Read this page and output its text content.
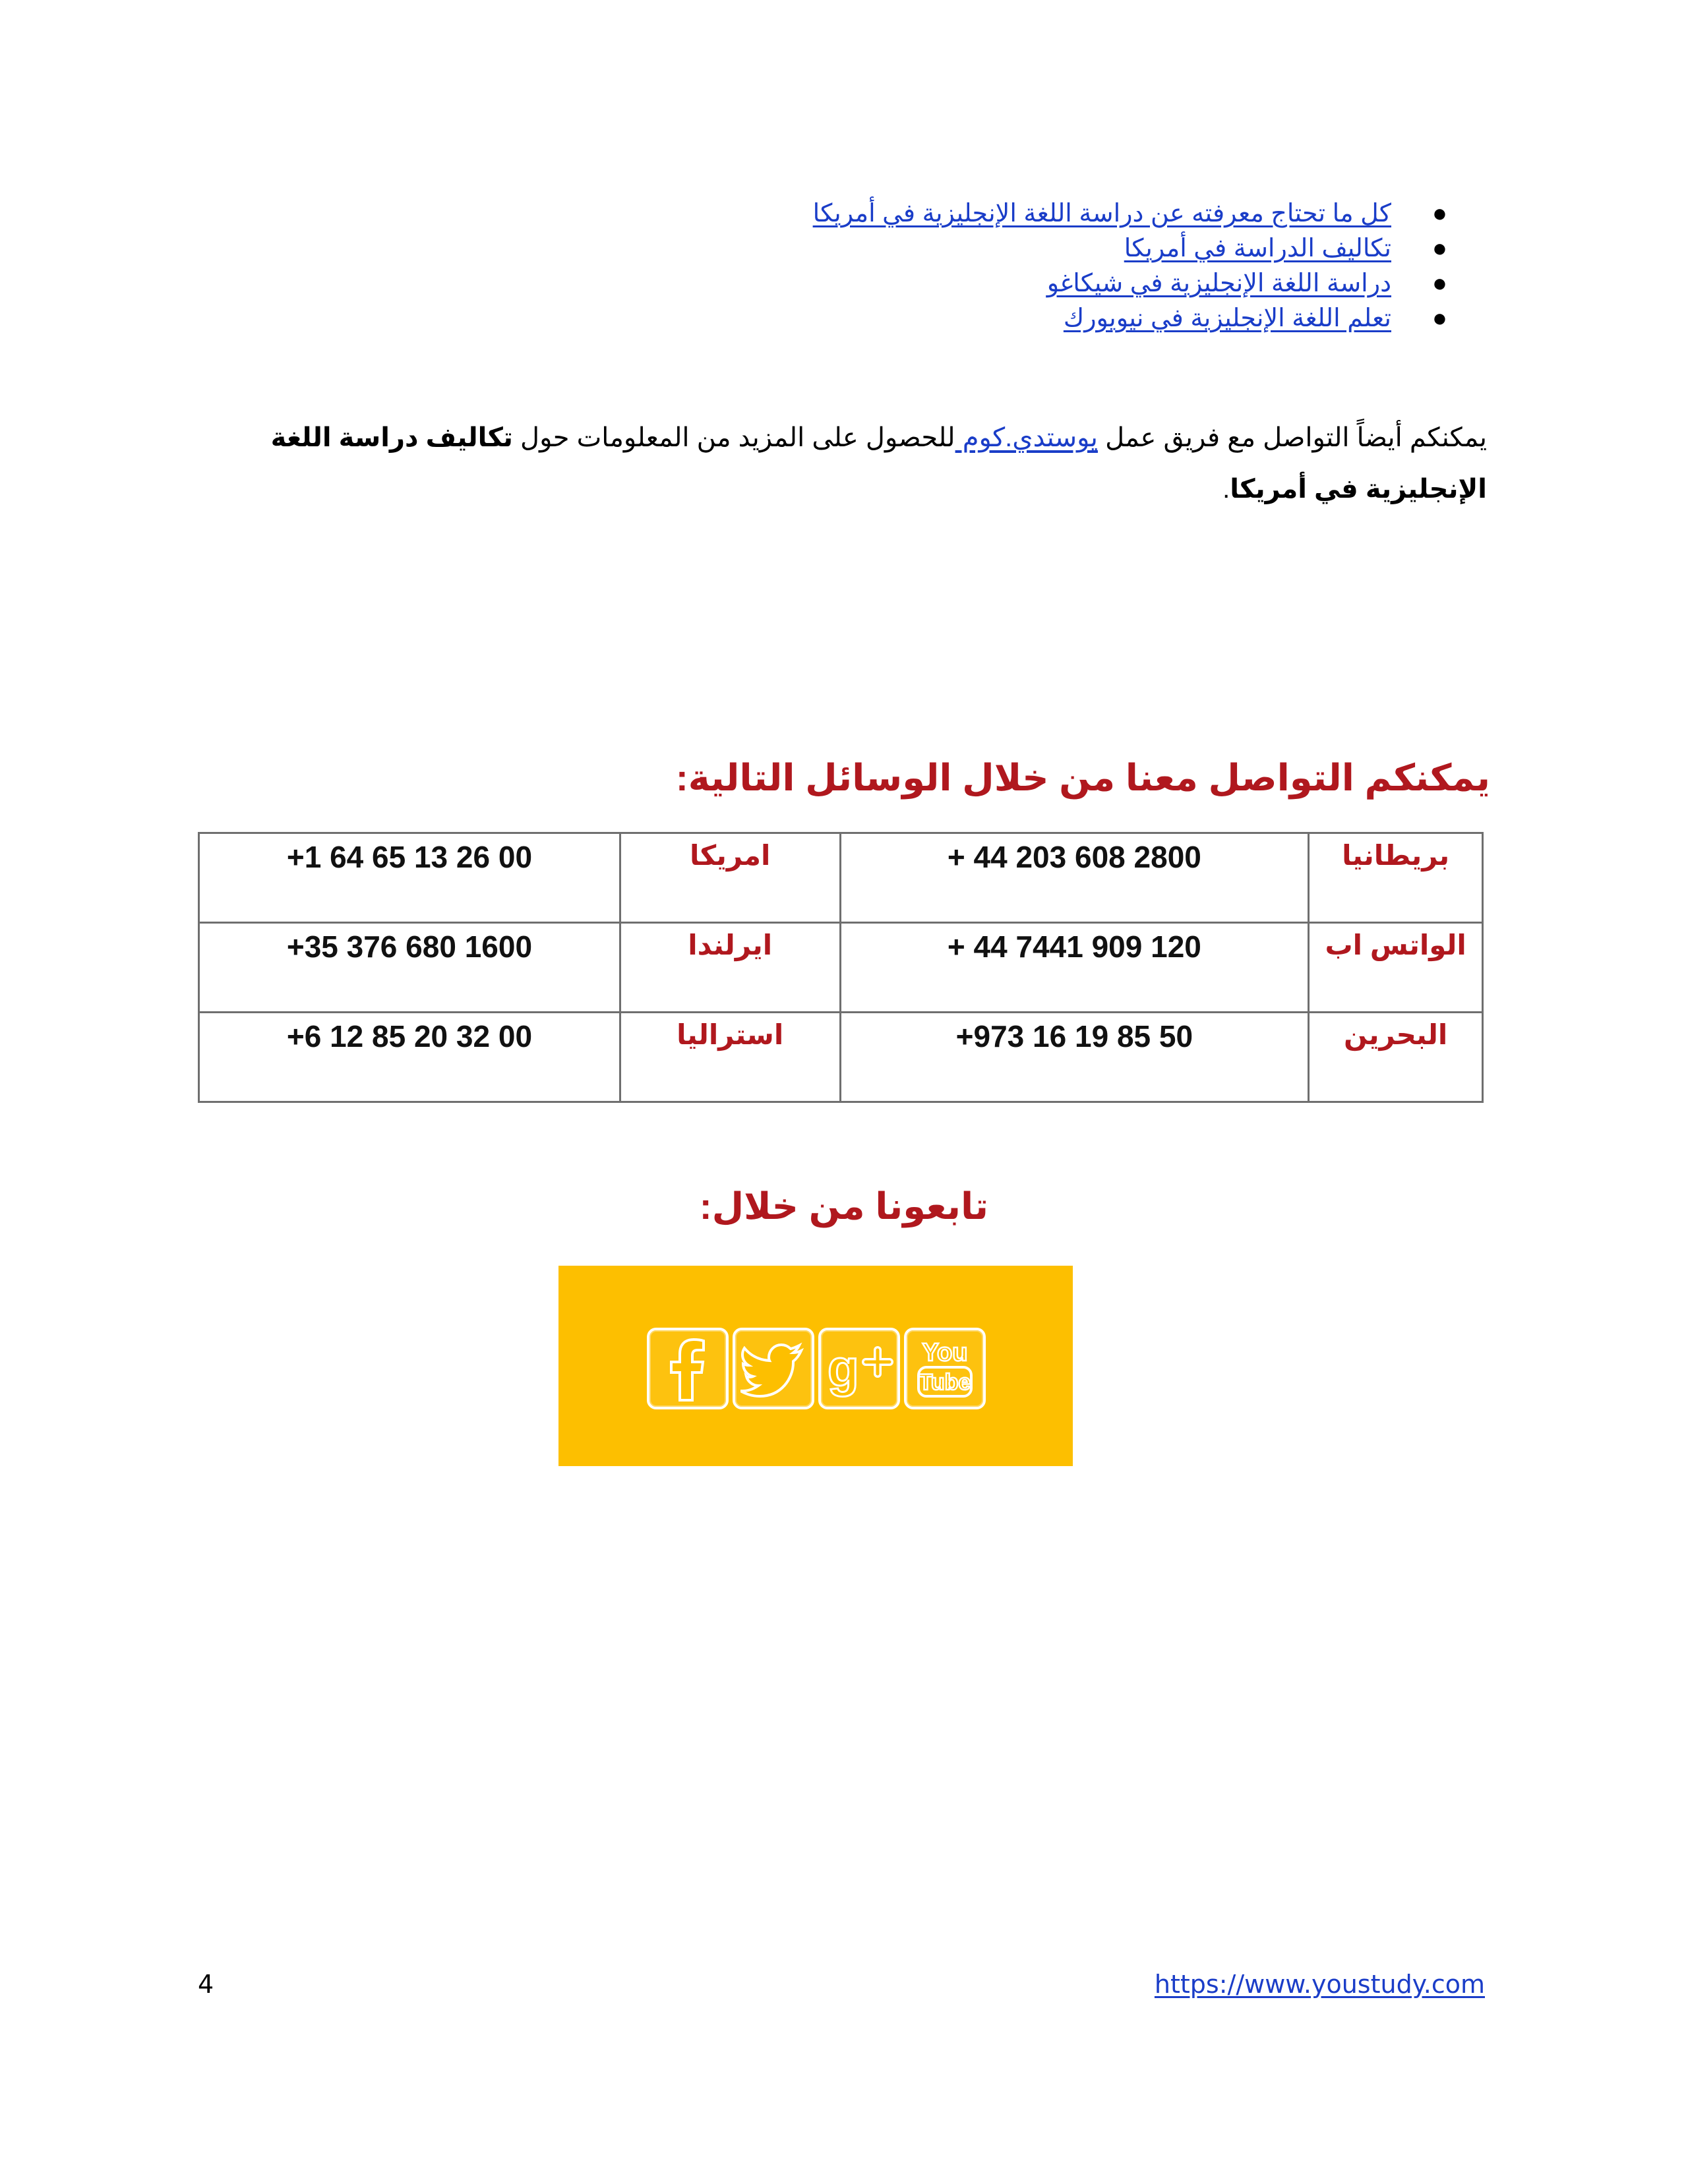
●
كل ما تحتاج معرفته عن دراسة اللغة الإنجليزية في أمريكا
●
تكاليف الدراسة في أمريكا
●
دراسة اللغة الإنجليزية في شيكاغو
●
تعلم اللغة الإنجليزية في نيويورك

يمكنكم أيضاً التواصل مع فريق عمل يوستدي.كوم للحصول على المزيد من المعلومات حول تكاليف دراسة اللغة الإنجليزية في أمريكا.

يمكنكم التواصل معنا من خلال الوسائل التالية:
بريطانيا	+ 44 203 608 2800	امريكا	+1 64 65 13 26 00
الواتس اب	+ 44 7441 909 120	ايرلندا	+35 376 680 1600
البحرين	+973 16 19 85 50	استراليا	+6 12 85 20 32 00
تابعونا من خلال:
g	You
Tube
4	https://www.youstudy.com
